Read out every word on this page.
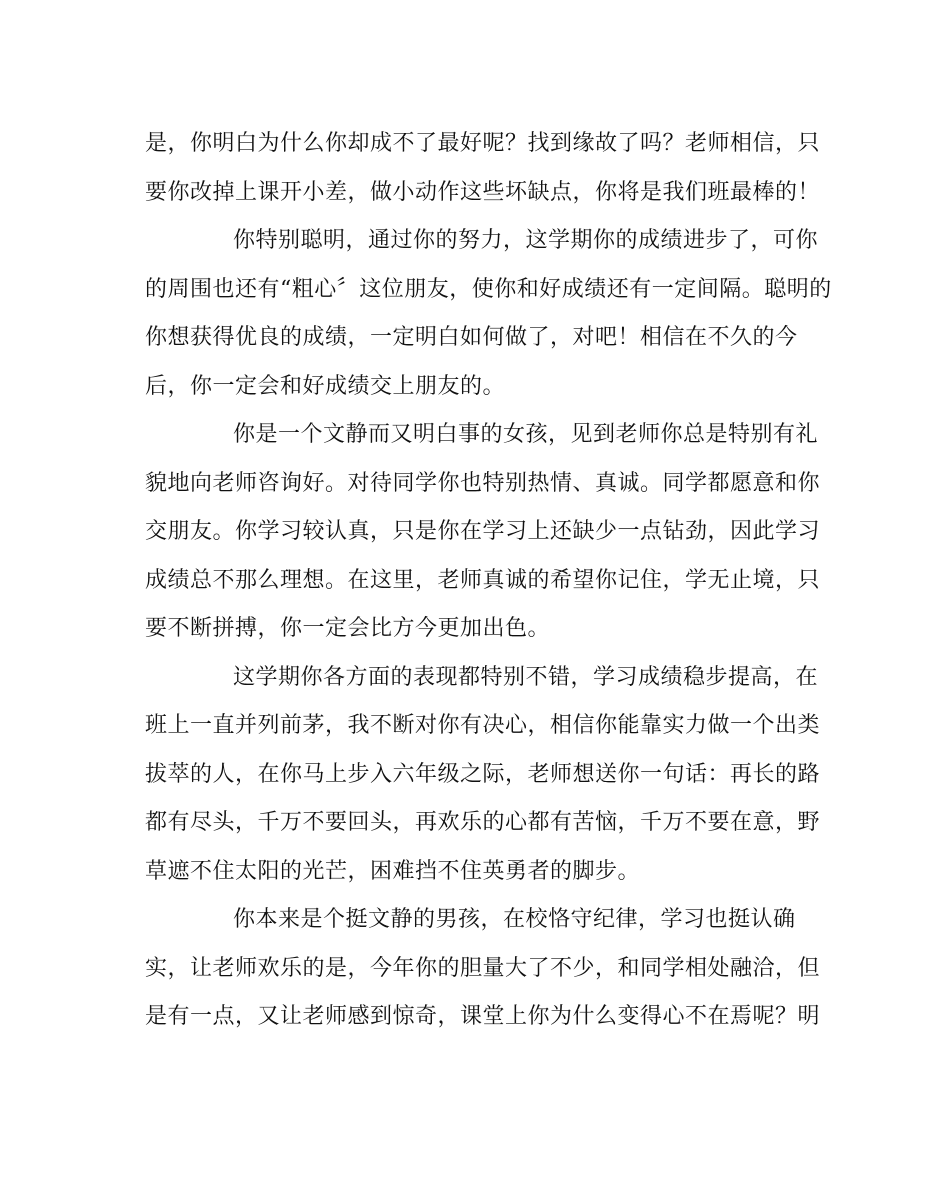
是，你明白为什么你却成不了最好呢？找到缘故了吗？老师相信，只
要你改掉上课开小差，做小动作这些坏缺点，你将是我们班最棒的！
你特别聪明，通过你的努力，这学期你的成绩进步了，可你
的周围也还有“粗心〞这位朋友，使你和好成绩还有一定间隔。聪明的
你想获得优良的成绩，一定明白如何做了，对吧！相信在不久的今
后，你一定会和好成绩交上朋友的。
你是一个文静而又明白事的女孩，见到老师你总是特别有礼
貌地向老师咨询好。对待同学你也特别热情、真诚。同学都愿意和你
交朋友。你学习较认真，只是你在学习上还缺少一点钻劲，因此学习
成绩总不那么理想。在这里，老师真诚的希望你记住，学无止境，只
要不断拼搏，你一定会比方今更加出色。
这学期你各方面的表现都特别不错，学习成绩稳步提高，在
班上一直并列前茅，我不断对你有决心，相信你能靠实力做一个出类
拔萃的人，在你马上步入六年级之际，老师想送你一句话：再长的路
都有尽头，千万不要回头，再欢乐的心都有苦恼，千万不要在意，野
草遮不住太阳的光芒，困难挡不住英勇者的脚步。
你本来是个挺文静的男孩，在校恪守纪律，学习也挺认确
实，让老师欢乐的是，今年你的胆量大了不少，和同学相处融洽，但
是有一点，又让老师感到惊奇，课堂上你为什么变得心不在焉呢？明
